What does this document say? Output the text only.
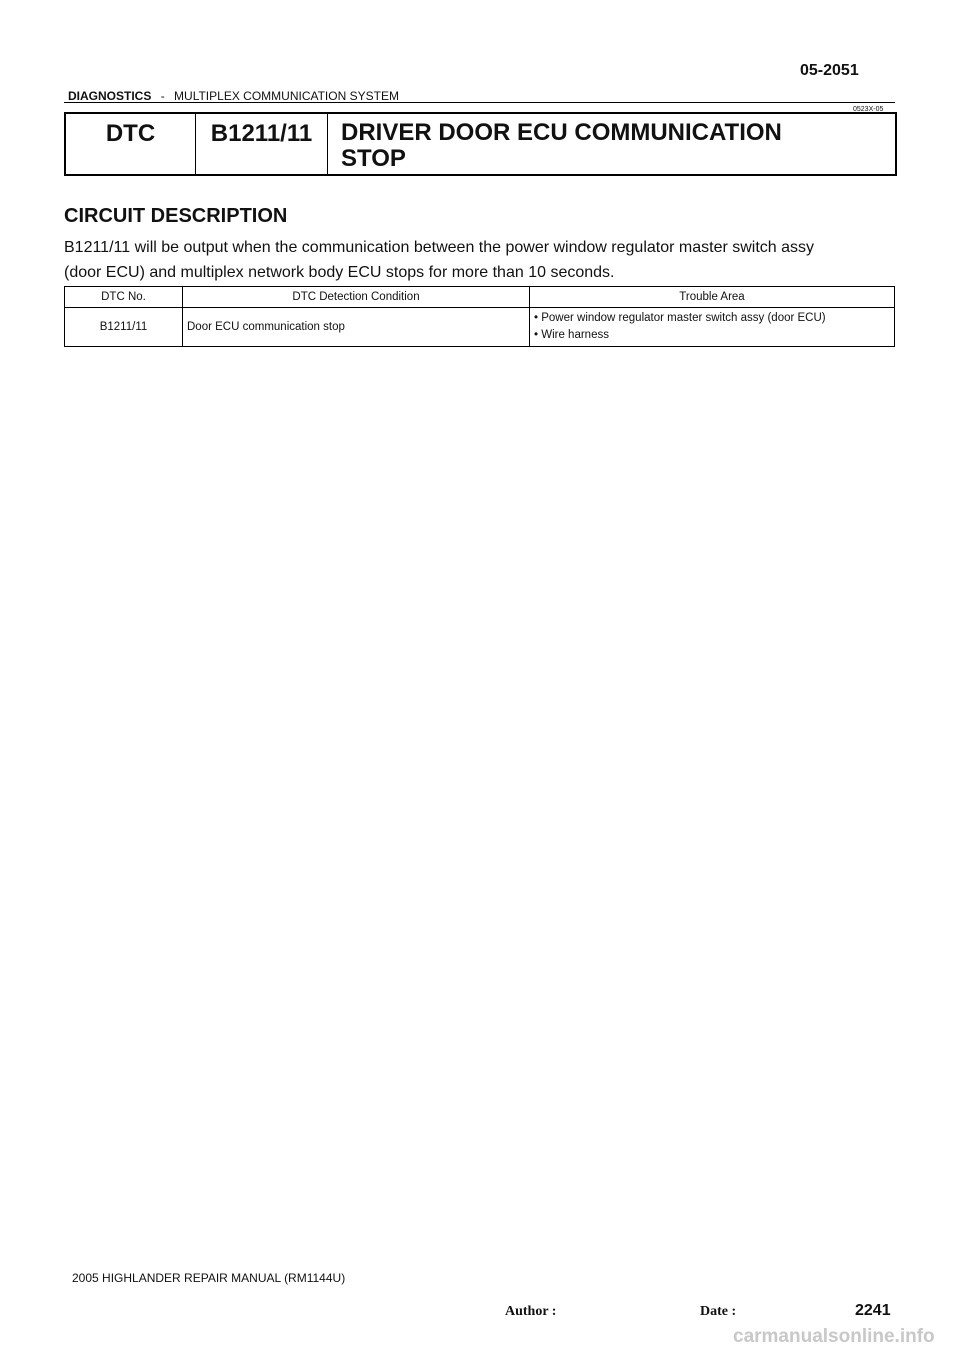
05-2051
DIAGNOSTICS - MULTIPLEX COMMUNICATION SYSTEM
0523X-05
DTC	B1211/11	DRIVER DOOR ECU COMMUNICATION
STOP
CIRCUIT DESCRIPTION
B1211/11 will be output when the communication between the power window regulator master switch assy
(door ECU) and multiplex network body ECU stops for more than 10 seconds.
DTC No.	DTC Detection Condition	Trouble Area
B1211/11	Door ECU communication stop	• Power window regulator master switch assy (door ECU)
• Wire harness
2005 HIGHLANDER REPAIR MANUAL (RM1144U)
Author :	Date :	2241
carmanualsonline.info
